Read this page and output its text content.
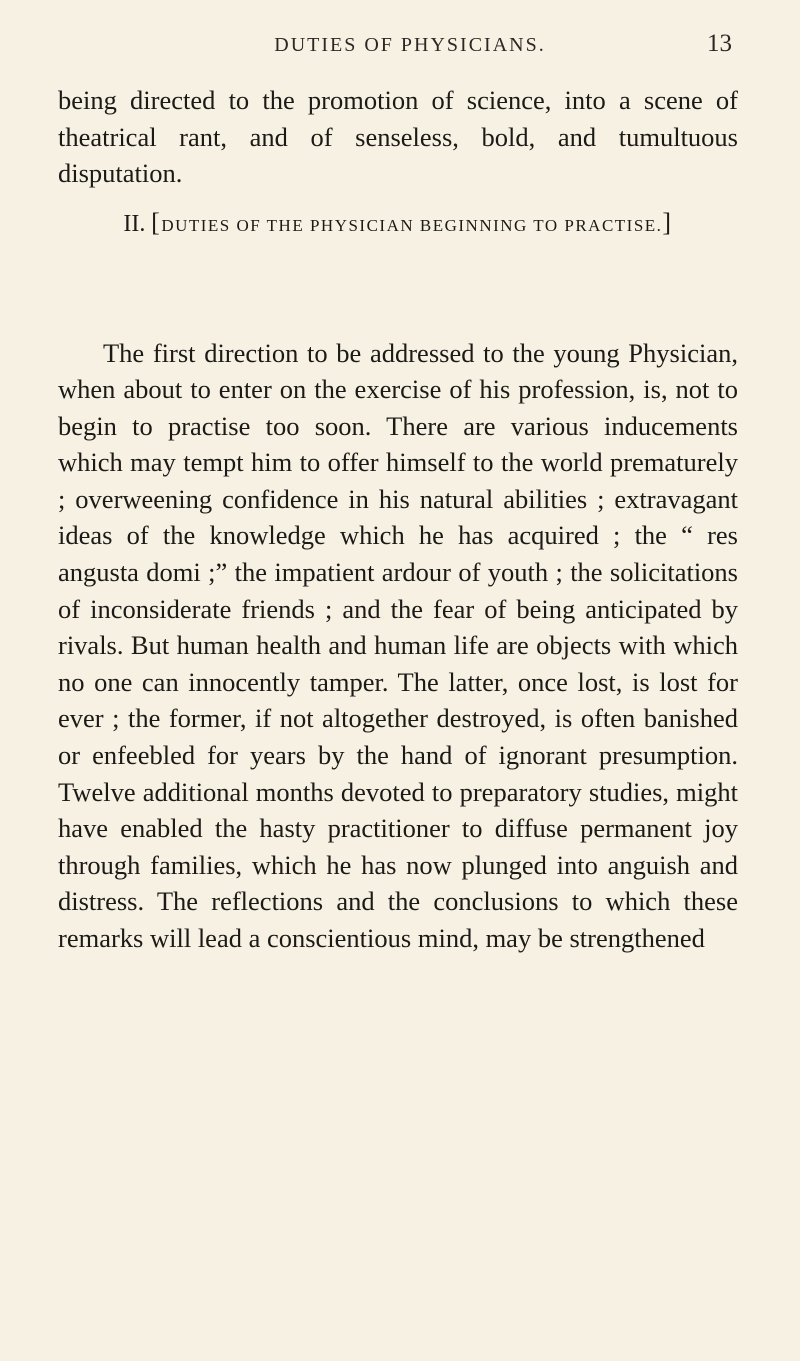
DUTIES OF PHYSICIANS.	13

being directed to the promotion of science, into a scene of theatrical rant, and of senseless, bold, and tumultuous disputation.

II. [DUTIES OF THE PHYSICIAN BEGINNING TO PRACTISE.]

The first direction to be addressed to the young Physician, when about to enter on the exercise of his profession, is, not to begin to practise too soon. There are various inducements which may tempt him to offer himself to the world prematurely ; overweening confidence in his natural abilities ; extravagant ideas of the knowledge which he has acquired ; the “ res angusta domi ;” the impatient ardour of youth ; the solicitations of inconsiderate friends ; and the fear of being anticipated by rivals. But human health and human life are objects with which no one can innocently tamper. The latter, once lost, is lost for ever ; the former, if not altogether destroyed, is often banished or enfeebled for years by the hand of ignorant presumption. Twelve additional months devoted to preparatory studies, might have enabled the hasty practitioner to diffuse permanent joy through families, which he has now plunged into anguish and distress. The reflections and the conclusions to which these remarks will lead a conscientious mind, may be strengthened
